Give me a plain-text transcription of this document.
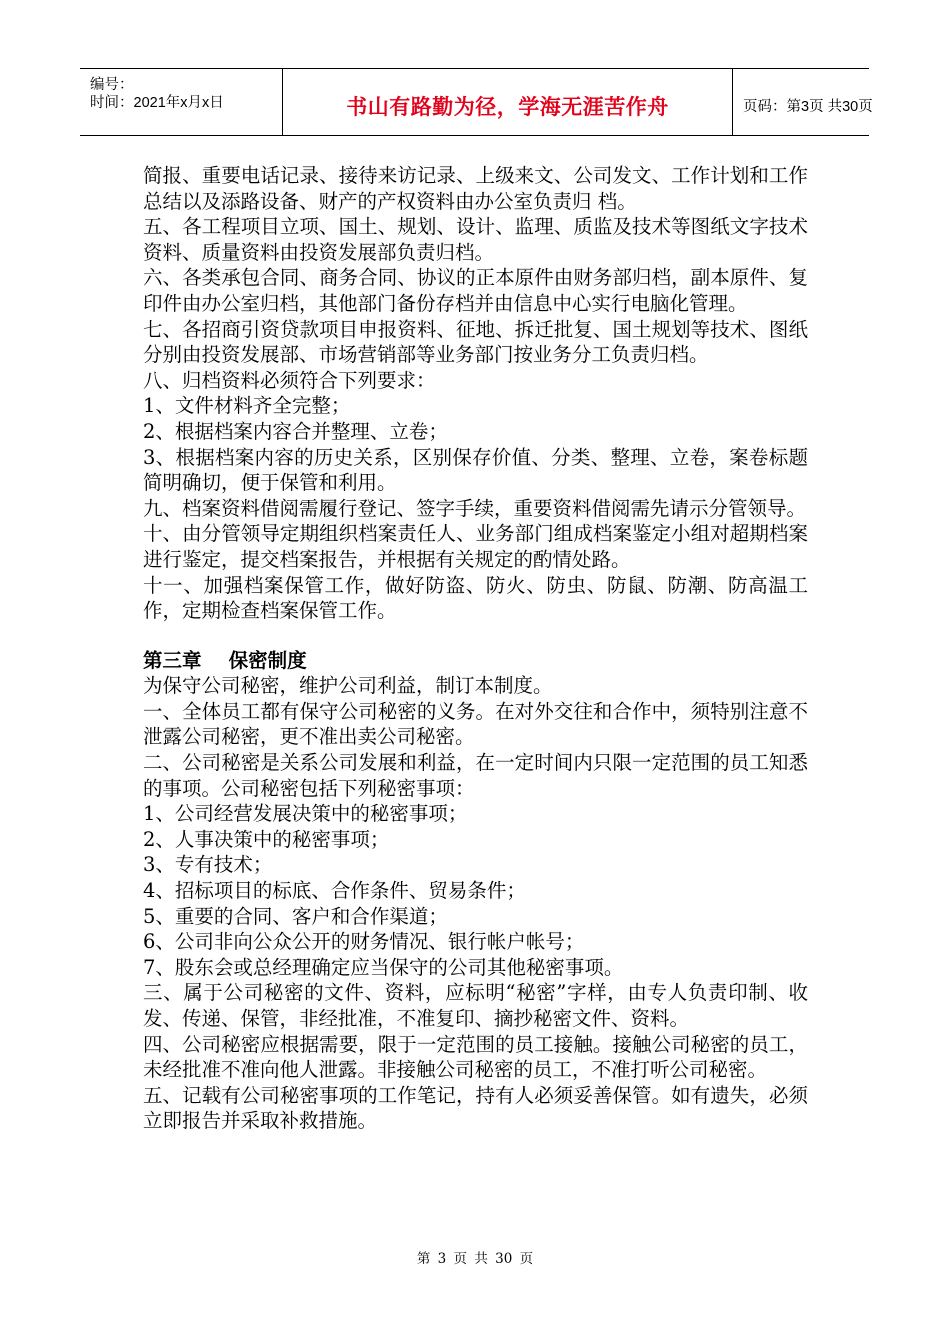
编号：
时间：2021年x月x日	书山有路勤为径，学海无涯苦作舟	页码：第3页 共30页

简报、重要电话记录、接待来访记录、上级来文、公司发文、工作计划和工作总结以及添路设备、财产的产权资料由办公室负责归 档。

五、各工程项目立项、国土、规划、设计、监理、质监及技术等图纸文字技术资料、质量资料由投资发展部负责归档。

六、各类承包合同、商务合同、协议的正本原件由财务部归档，副本原件、复印件由办公室归档，其他部门备份存档并由信息中心实行电脑化管理。

七、各招商引资贷款项目申报资料、征地、拆迁批复、国土规划等技术、图纸分别由投资发展部、市场营销部等业务部门按业务分工负责归档。

八、归档资料必须符合下列要求：

1、文件材料齐全完整；

2、根据档案内容合并整理、立卷；

3、根据档案内容的历史关系，区别保存价值、分类、整理、立卷，案卷标题简明确切，便于保管和利用。

九、档案资料借阅需履行登记、签字手续，重要资料借阅需先请示分管领导。

十、由分管领导定期组织档案责任人、业务部门组成档案鉴定小组对超期档案进行鉴定，提交档案报告，并根据有关规定的酌情处路。

十一、加强档案保管工作，做好防盗、防火、防虫、防鼠、防潮、防高温工作，定期检查档案保管工作。

第三章    保密制度

为保守公司秘密，维护公司利益，制订本制度。

一、全体员工都有保守公司秘密的义务。在对外交往和合作中，须特别注意不泄露公司秘密，更不准出卖公司秘密。

二、公司秘密是关系公司发展和利益，在一定时间内只限一定范围的员工知悉的事项。公司秘密包括下列秘密事项：

1、公司经营发展决策中的秘密事项；

2、人事决策中的秘密事项；

3、专有技术；

4、招标项目的标底、合作条件、贸易条件；

5、重要的合同、客户和合作渠道；

6、公司非向公众公开的财务情况、银行帐户帐号；

7、股东会或总经理确定应当保守的公司其他秘密事项。

三、属于公司秘密的文件、资料，应标明“秘密”字样，由专人负责印制、收发、传递、保管，非经批准，不准复印、摘抄秘密文件、资料。

四、公司秘密应根据需要，限于一定范围的员工接触。接触公司秘密的员工，未经批准不准向他人泄露。非接触公司秘密的员工，不准打听公司秘密。

五、记载有公司秘密事项的工作笔记，持有人必须妥善保管。如有遗失，必须立即报告并采取补救措施。

第 3 页 共 30 页
